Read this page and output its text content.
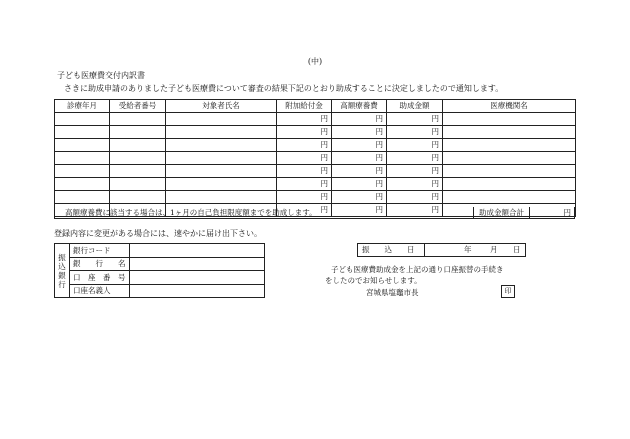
(中)
子ども医療費交付内訳書
さきに助成申請のありました子ども医療費について審査の結果下記のとおり助成することに決定しましたので通知します。
診療年月	受給者番号	対象者氏名	附加給付金	高額療養費	助成金額	医療機関名
			円	円	円	
			円	円	円	
			円	円	円	
			円	円	円	
			円	円	円	
			円	円	円	
			円	円	円	
			円	円	円	
高額療養費に該当する場合は、1ヶ月の自己負担限度額までを助成します。	助成金額合計	円
登録内容に変更がある場合には、速やかに届け出下さい。
振
込
銀
行	銀行コード	
	銀　　行　　名	
	口　座　番　号	
	口座名義人	
振　　込　　日	年 月 日
子ども医療費助成金を上記の通り口座振替の手続き
をしたのでお知らせします。
宮城県塩竈市長	印
